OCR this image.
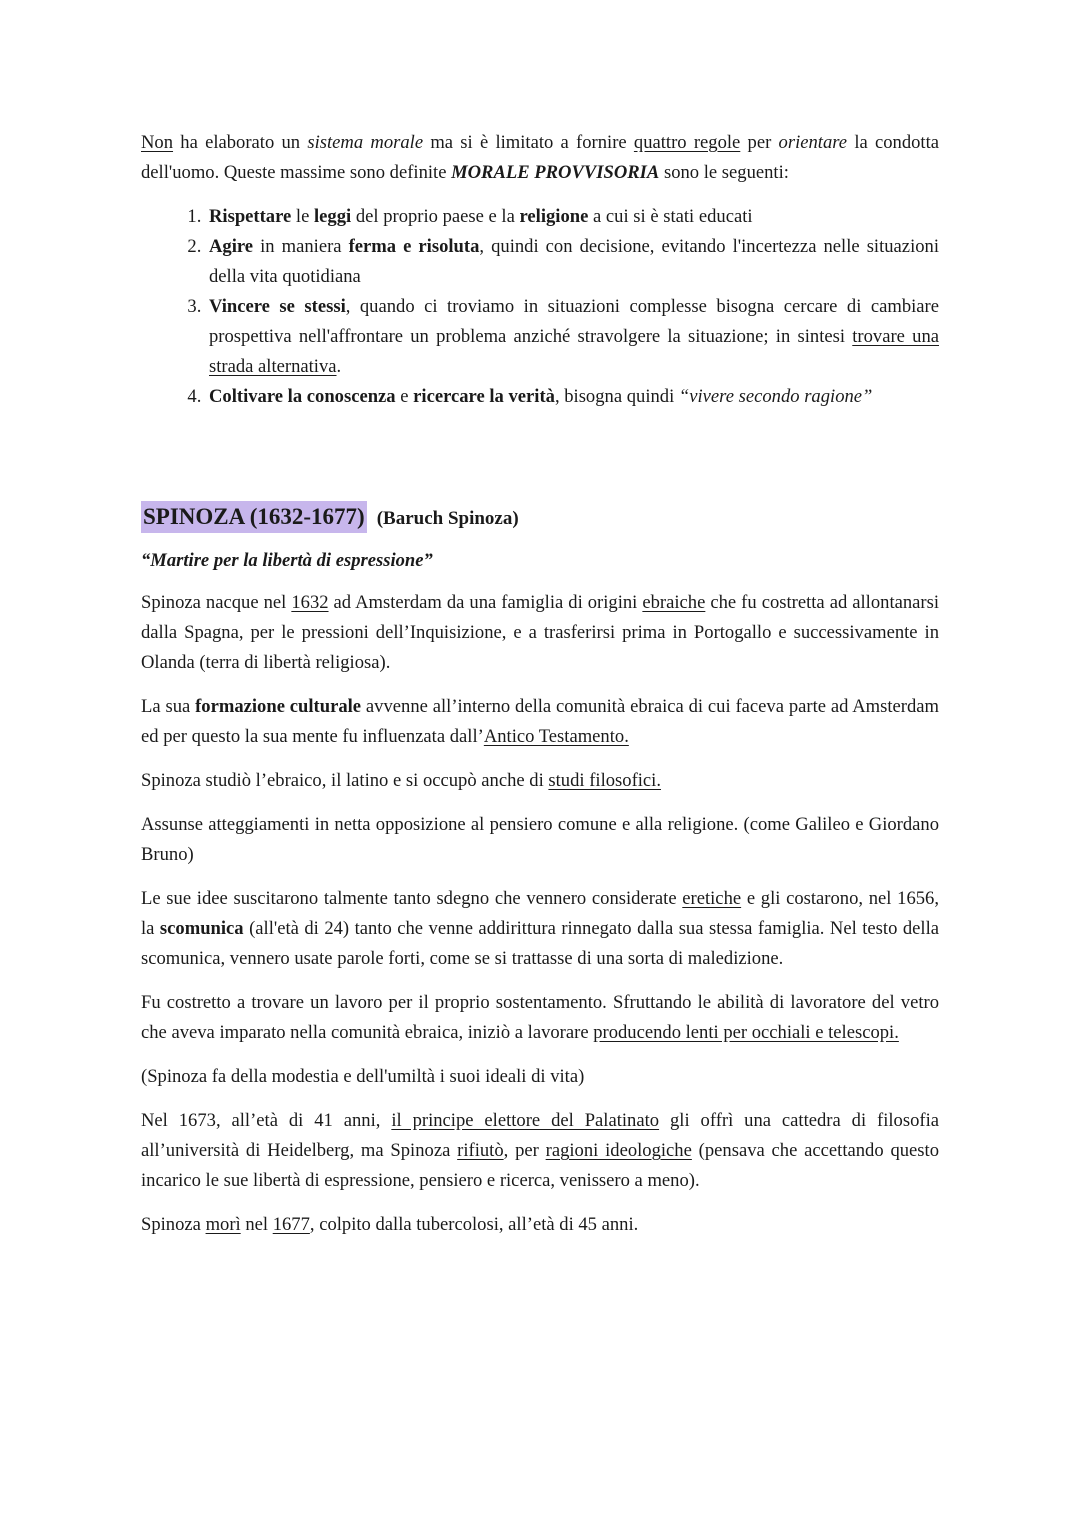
Non ha elaborato un sistema morale ma si è limitato a fornire quattro regole per orientare la condotta dell'uomo. Queste massime sono definite MORALE PROVVISORIA sono le seguenti:

1. Rispettare le leggi del proprio paese e la religione a cui si è stati educati
2. Agire in maniera ferma e risoluta, quindi con decisione, evitando l'incertezza nelle situazioni della vita quotidiana
3. Vincere se stessi, quando ci troviamo in situazioni complesse bisogna cercare di cambiare prospettiva nell'affrontare un problema anziché stravolgere la situazione; in sintesi trovare una strada alternativa.
4. Coltivare la conoscenza e ricercare la verità, bisogna quindi “vivere secondo ragione”
SPINOZA (1632-1677) (Baruch Spinoza)
“Martire per la libertà di espressione”

Spinoza nacque nel 1632 ad Amsterdam da una famiglia di origini ebraiche che fu costretta ad allontanarsi dalla Spagna, per le pressioni dell’Inquisizione, e a trasferirsi prima in Portogallo e successivamente in Olanda (terra di libertà religiosa).

La sua formazione culturale avvenne all’interno della comunità ebraica di cui faceva parte ad Amsterdam ed per questo la sua mente fu influenzata dall’Antico Testamento.

Spinoza studiò l’ebraico, il latino e si occupò anche di studi filosofici.

Assunse atteggiamenti in netta opposizione al pensiero comune e alla religione. (come Galileo e Giordano Bruno)

Le sue idee suscitarono talmente tanto sdegno che vennero considerate eretiche e gli costarono, nel 1656, la scomunica (all'età di 24) tanto che venne addirittura rinnegato dalla sua stessa famiglia. Nel testo della scomunica, vennero usate parole forti, come se si trattasse di una sorta di maledizione.

Fu costretto a trovare un lavoro per il proprio sostentamento. Sfruttando le abilità di lavoratore del vetro che aveva imparato nella comunità ebraica, iniziò a lavorare producendo lenti per occhiali e telescopi.

(Spinoza fa della modestia e dell'umiltà i suoi ideali di vita)

Nel 1673, all’età di 41 anni, il principe elettore del Palatinato gli offrì una cattedra di filosofia all’università di Heidelberg, ma Spinoza rifiutò, per ragioni ideologiche (pensava che accettando questo incarico le sue libertà di espressione, pensiero e ricerca, venissero a meno).

Spinoza morì nel 1677, colpito dalla tubercolosi, all’età di 45 anni.
